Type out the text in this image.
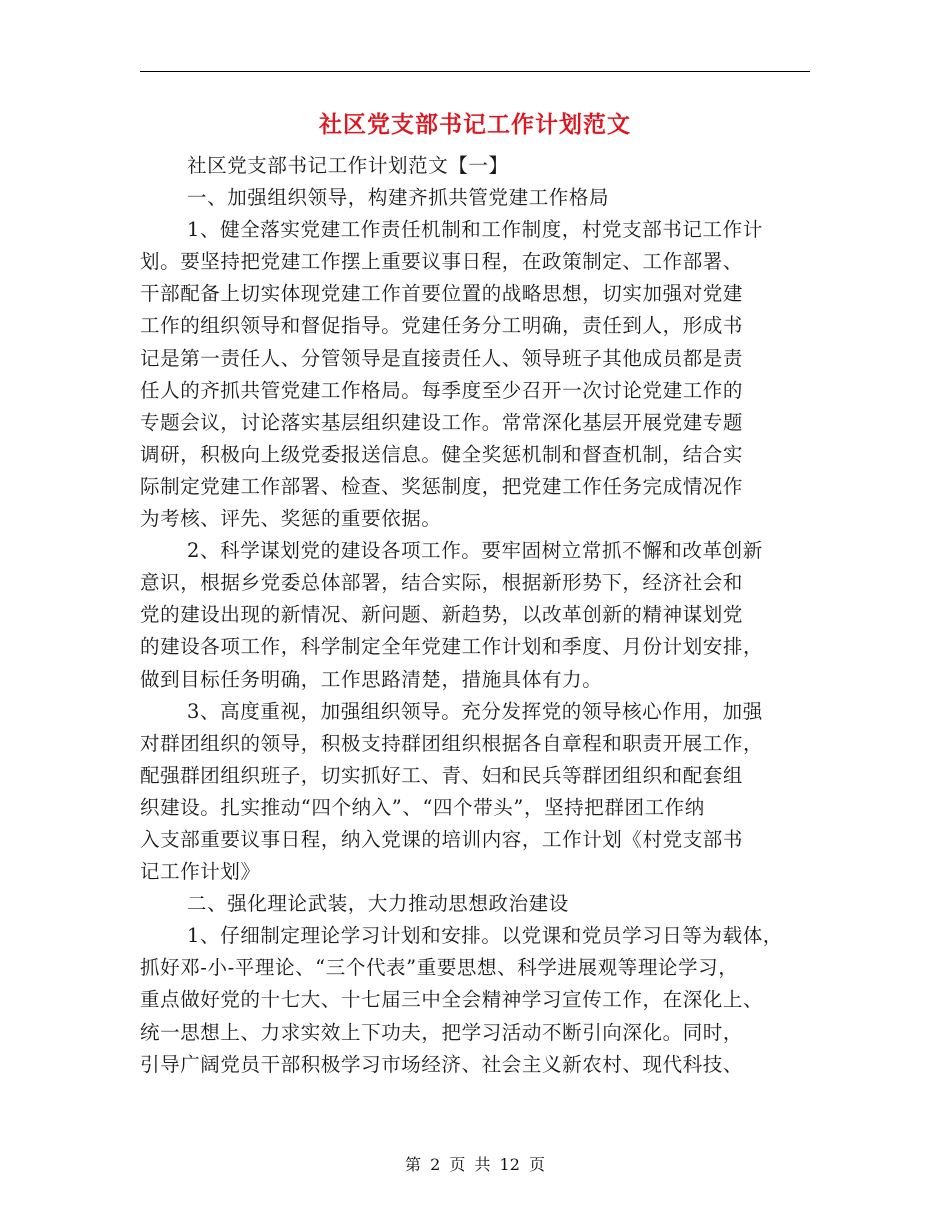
社区党支部书记工作计划范文
社区党支部书记工作计划范文【一】
一、加强组织领导，构建齐抓共管党建工作格局
1、健全落实党建工作责任机制和工作制度，村党支部书记工作计
划。要坚持把党建工作摆上重要议事日程，在政策制定、工作部署、
干部配备上切实体现党建工作首要位置的战略思想，切实加强对党建
工作的组织领导和督促指导。党建任务分工明确，责任到人，形成书
记是第一责任人、分管领导是直接责任人、领导班子其他成员都是责
任人的齐抓共管党建工作格局。每季度至少召开一次讨论党建工作的
专题会议，讨论落实基层组织建设工作。常常深化基层开展党建专题
调研，积极向上级党委报送信息。健全奖惩机制和督查机制，结合实
际制定党建工作部署、检查、奖惩制度，把党建工作任务完成情况作
为考核、评先、奖惩的重要依据。
2、科学谋划党的建设各项工作。要牢固树立常抓不懈和改革创新
意识，根据乡党委总体部署，结合实际，根据新形势下，经济社会和
党的建设出现的新情况、新问题、新趋势，以改革创新的精神谋划党
的建设各项工作，科学制定全年党建工作计划和季度、月份计划安排，
做到目标任务明确，工作思路清楚，措施具体有力。
3、高度重视，加强组织领导。充分发挥党的领导核心作用，加强
对群团组织的领导，积极支持群团组织根据各自章程和职责开展工作，
配强群团组织班子，切实抓好工、青、妇和民兵等群团组织和配套组
织建设。扎实推动“四个纳入”、“四个带头”，坚持把群团工作纳
入支部重要议事日程，纳入党课的培训内容，工作计划《村党支部书
记工作计划》
二、强化理论武装，大力推动思想政治建设
1、仔细制定理论学习计划和安排。以党课和党员学习日等为载体，
抓好邓-小-平理论、“三个代表”重要思想、科学进展观等理论学习，
重点做好党的十七大、十七届三中全会精神学习宣传工作，在深化上、
统一思想上、力求实效上下功夫，把学习活动不断引向深化。同时，
引导广阔党员干部积极学习市场经济、社会主义新农村、现代科技、
第 2 页 共 12 页
